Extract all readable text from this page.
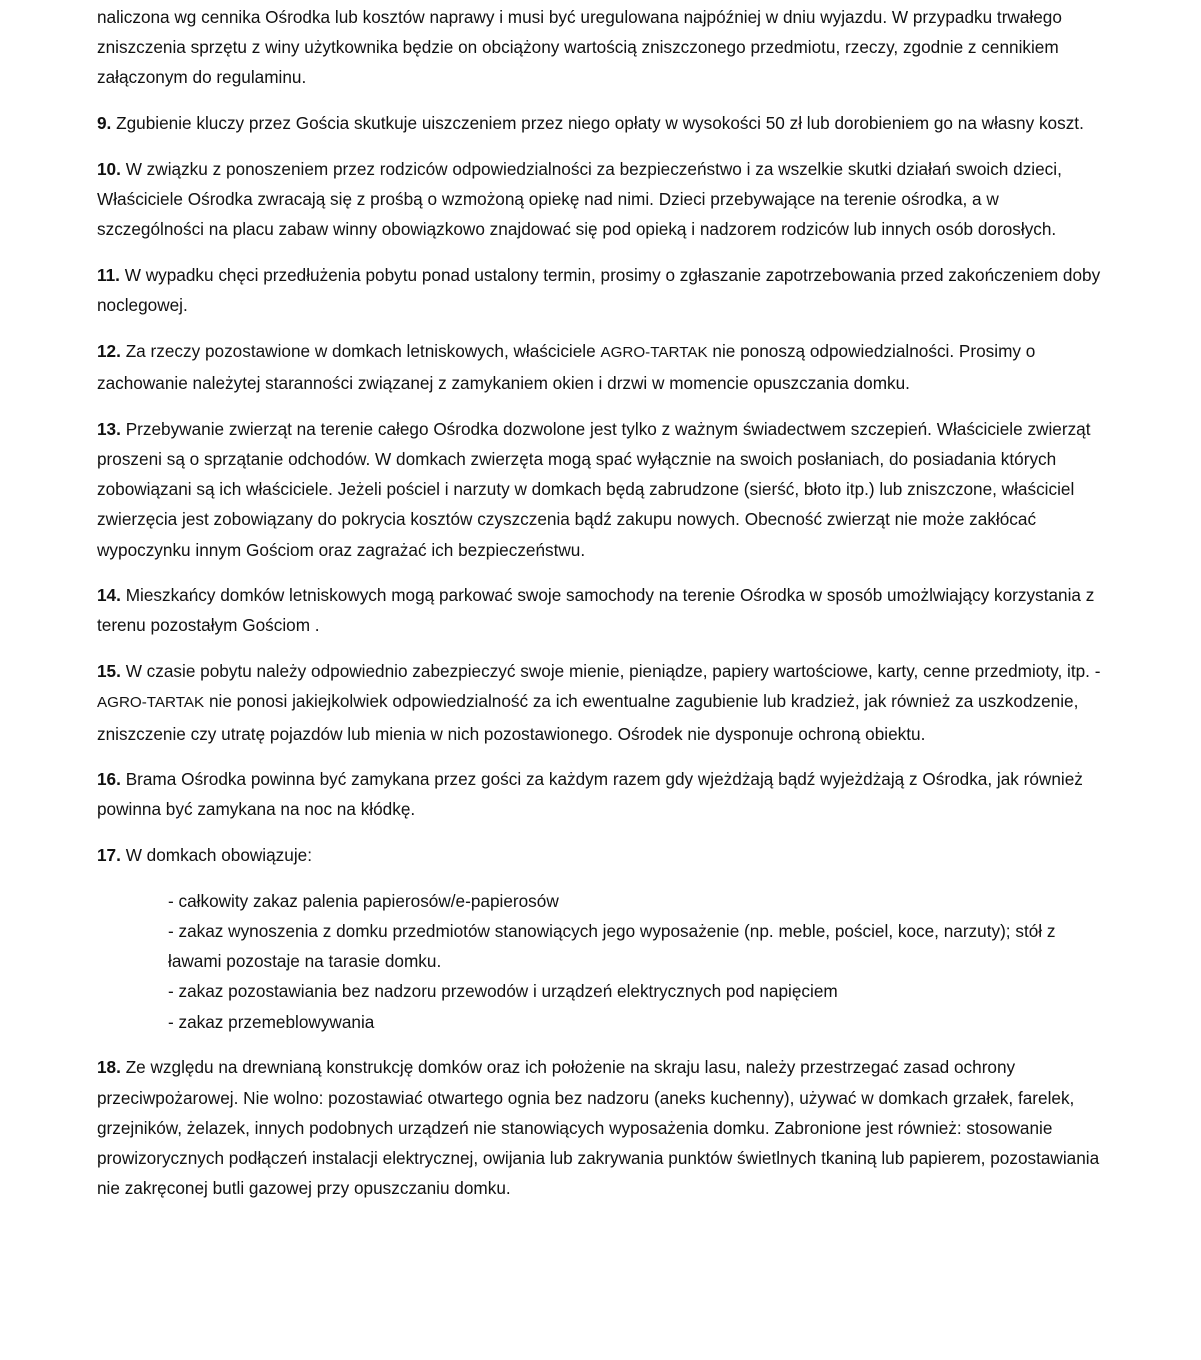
naliczona wg cennika Ośrodka lub kosztów naprawy i musi być uregulowana najpóźniej w dniu wyjazdu. W przypadku trwałego zniszczenia sprzętu z winy użytkownika będzie on obciążony wartością zniszczonego przedmiotu, rzeczy, zgodnie z cennikiem załączonym do regulaminu.

9. Zgubienie kluczy przez Gościa skutkuje uiszczeniem przez niego opłaty w wysokości 50 zł lub dorobieniem go na własny koszt.

10. W związku z ponoszeniem przez rodziców odpowiedzialności za bezpieczeństwo i za wszelkie skutki działań swoich dzieci, Właściciele Ośrodka zwracają się z prośbą o wzmożoną opiekę nad nimi. Dzieci przebywające na terenie ośrodka, a w szczególności na placu zabaw winny obowiązkowo znajdować się pod opieką i nadzorem rodziców lub innych osób dorosłych.

11. W wypadku chęci przedłużenia pobytu ponad ustalony termin, prosimy o zgłaszanie zapotrzebowania przed zakończeniem doby noclegowej.

12. Za rzeczy pozostawione w domkach letniskowych, właściciele AGRO-TARTAK nie ponoszą odpowiedzialności. Prosimy o zachowanie należytej staranności związanej z zamykaniem okien i drzwi w momencie opuszczania domku.

13. Przebywanie zwierząt na terenie całego Ośrodka dozwolone jest tylko z ważnym świadectwem szczepień. Właściciele zwierząt proszeni są o sprzątanie odchodów. W domkach zwierzęta mogą spać wyłącznie na swoich posłaniach, do posiadania których zobowiązani są ich właściciele. Jeżeli pościel i narzuty w domkach będą zabrudzone (sierść, błoto itp.) lub zniszczone, właściciel zwierzęcia jest zobowiązany do pokrycia kosztów czyszczenia bądź zakupu nowych. Obecność zwierząt nie może zakłócać wypoczynku innym Gościom oraz zagrażać ich bezpieczeństwu.

14. Mieszkańcy domków letniskowych mogą parkować swoje samochody na terenie Ośrodka w sposób umożlwiający korzystania z terenu pozostałym Gościom .

15. W czasie pobytu należy odpowiednio zabezpieczyć swoje mienie, pieniądze, papiery wartościowe, karty, cenne przedmioty, itp. - AGRO-TARTAK nie ponosi jakiejkolwiek odpowiedzialność za ich ewentualne zagubienie lub kradzież, jak również za uszkodzenie, zniszczenie czy utratę pojazdów lub mienia w nich pozostawionego. Ośrodek nie dysponuje ochroną obiektu.

16. Brama Ośrodka powinna być zamykana przez gości za każdym razem gdy wjeżdżają bądź wyjeżdżają z Ośrodka, jak również powinna być zamykana na noc na kłódkę.

17. W domkach obowiązuje:

- całkowity zakaz palenia papierosów/e-papierosów
- zakaz wynoszenia z domku przedmiotów stanowiących jego wyposażenie (np. meble, pościel, koce, narzuty); stół z ławami pozostaje na tarasie domku.
- zakaz pozostawiania bez nadzoru przewodów i urządzeń elektrycznych pod napięciem
- zakaz przemeblowywania

18. Ze względu na drewnianą konstrukcję domków oraz ich położenie na skraju lasu, należy przestrzegać zasad ochrony przeciwpożarowej. Nie wolno: pozostawiać otwartego ognia bez nadzoru (aneks kuchenny), używać w domkach grzałek, farelek, grzejników, żelazek, innych podobnych urządzeń nie stanowiących wyposażenia domku. Zabronione jest również: stosowanie prowizorycznych podłączeń instalacji elektrycznej, owijania lub zakrywania punktów świetlnych tkaniną lub papierem, pozostawiania nie zakręconej butli gazowej przy opuszczaniu domku.
